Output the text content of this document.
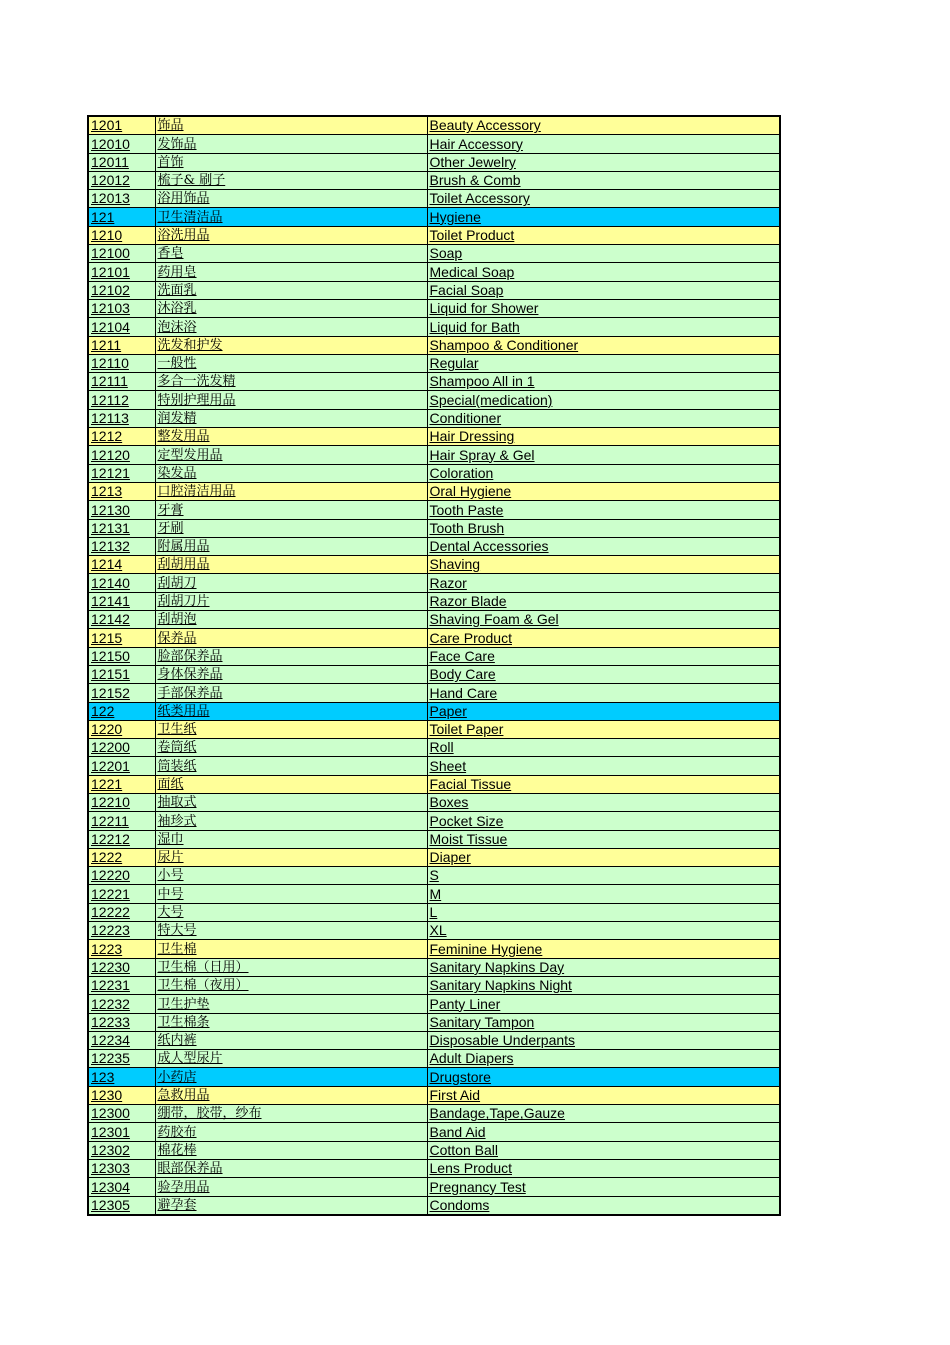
1201	饰品	Beauty Accessory
12010	发饰品	Hair Accessory
12011	首饰	Other Jewelry
12012	梳子& 刷子	Brush & Comb
12013	浴用饰品	Toilet Accessory
121	卫生清洁品	Hygiene
1210	浴洗用品	Toilet Product
12100	香皂	Soap
12101	药用皂	Medical Soap
12102	洗面乳	Facial Soap
12103	沐浴乳	Liquid for Shower
12104	泡沫浴	Liquid for Bath
1211	洗发和护发	Shampoo & Conditioner
12110	一般性	Regular
12111	多合一洗发精	Shampoo All in 1
12112	特别护理用品	Special(medication)
12113	润发精	Conditioner
1212	整发用品	Hair Dressing
12120	定型发用品	Hair Spray & Gel
12121	染发品	Coloration
1213	口腔清洁用品	Oral Hygiene
12130	牙膏	Tooth Paste
12131	牙刷	Tooth Brush
12132	附属用品	Dental Accessories
1214	刮胡用品	Shaving
12140	刮胡刀	Razor
12141	刮胡刀片	Razor Blade
12142	刮胡泡	Shaving Foam & Gel
1215	保养品	Care Product
12150	脸部保养品	Face Care
12151	身体保养品	Body Care
12152	手部保养品	Hand Care
122	纸类用品	Paper
1220	卫生纸	Toilet Paper
12200	卷筒纸	Roll
12201	筒装纸	Sheet
1221	面纸	Facial Tissue
12210	抽取式	Boxes
12211	袖珍式	Pocket Size
12212	湿巾	Moist Tissue
1222	尿片	Diaper
12220	小号	S
12221	中号	M
12222	大号	L
12223	特大号	XL
1223	卫生棉	Feminine Hygiene
12230	卫生棉（日用）	Sanitary Napkins Day
12231	卫生棉（夜用）	Sanitary Napkins Night
12232	卫生护垫	Panty Liner
12233	卫生棉条	Sanitary Tampon
12234	纸内裤	Disposable Underpants
12235	成人型尿片	Adult Diapers
123	小药店	Drugstore
1230	急救用品	First Aid
12300	绷带，胶带，纱布	Bandage,Tape,Gauze
12301	药胶布	Band Aid
12302	棉花棒	Cotton Ball
12303	眼部保养品	Lens Product
12304	验孕用品	Pregnancy Test
12305	避孕套	Condoms
